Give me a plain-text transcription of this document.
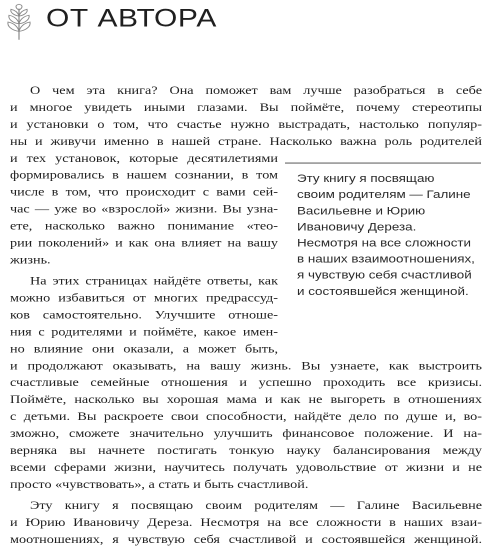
ОТ АВТОРА
О чем эта книга? Она поможет вам лучше разобраться в себе
и многое увидеть иными глазами. Вы поймёте, почему стереотипы
и установки о том, что счастье нужно выстрадать, настолько популяр-
ны и живучи именно в нашей стране. Насколько важна роль родителей
и тех установок, которые десятилетиями
формировались в нашем сознании, в том
числе в том, что происходит с вами сей-
час — уже во «взрослой» жизни. Вы узна-
ете, насколько важно понимание «тео-
рии поколений» и как она влияет на вашу
жизнь.
На этих страницах найдёте ответы, как
можно избавиться от многих предрассуд-
ков самостоятельно. Улучшите отноше-
ния с родителями и поймёте, какое имен-
но влияние они оказали, а может быть,
и продолжают оказывать, на вашу жизнь. Вы узнаете, как выстроить
счастливые семейные отношения и успешно проходить все кризисы.
Поймёте, насколько вы хорошая мама и как не выгореть в отношениях
с детьми. Вы раскроете свои способности, найдёте дело по душе и, во-
зможно, сможете значительно улучшить финансовое положение. И на-
верняка вы начнете постигать тонкую науку балансирования между
всеми сферами жизни, научитесь получать удовольствие от жизни и не
просто «чувствовать», а стать и быть счастливой.
Эту книгу я посвящаю своим родителям — Галине Васильевне
и Юрию Ивановичу Дереза. Несмотря на все сложности в наших взаи-
моотношениях, я чувствую себя счастливой и состоявшейся женщиной.
Эту книгу я посвящаю
своим родителям — Галине
Васильевне и Юрию
Ивановичу Дереза.
Несмотря на все сложности
в наших взаимоотношениях,
я чувствую себя счастливой
и состоявшейся женщиной.
